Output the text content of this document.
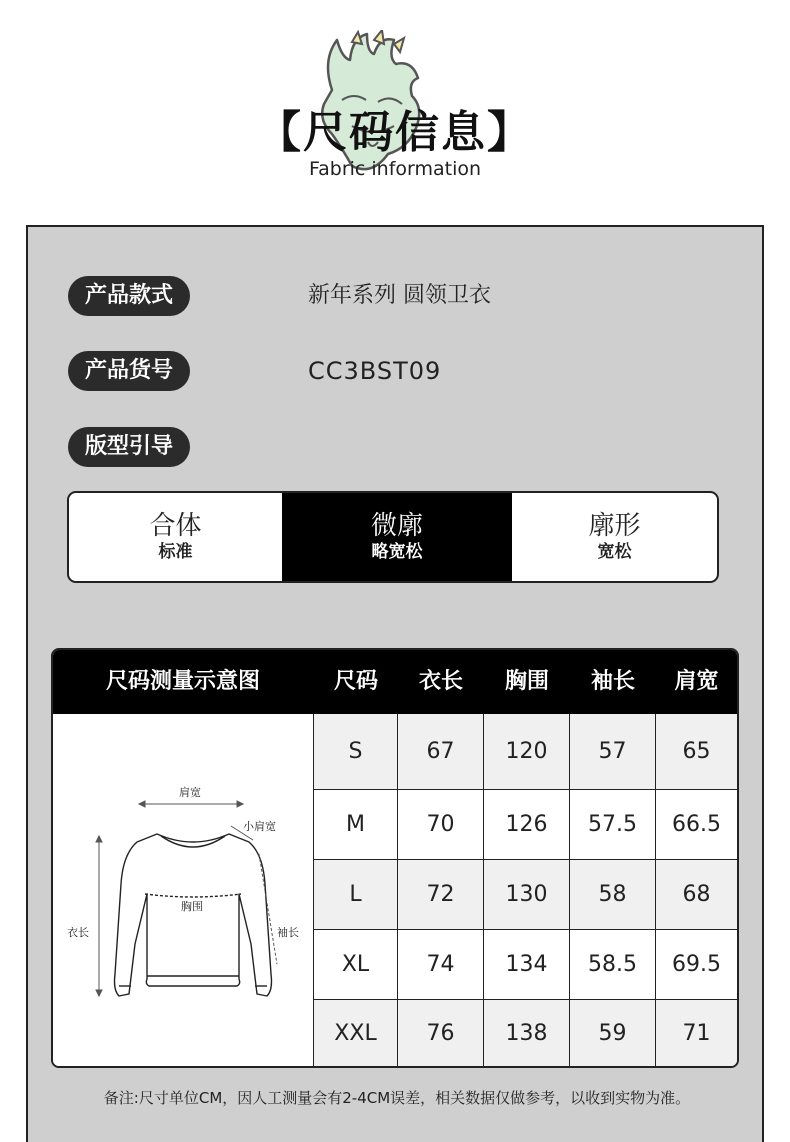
【尺码信息】
Fabric information
产品款式	新年系列 圆领卫衣
产品货号	CC3BST09
版型引导
合体
标准
微廓
略宽松
廓形
宽松
尺码测量示意图	尺码	衣长	胸围	袖长	肩宽
肩宽
小肩宽
胸围
衣长	袖长
S	67	120	57	65
M	70	126	57.5	66.5
L	72	130	58	68
XL	74	134	58.5	69.5
XXL	76	138	59	71
备注:尺寸单位CM，因人工测量会有2-4CM误差，相关数据仅做参考，以收到实物为准。
